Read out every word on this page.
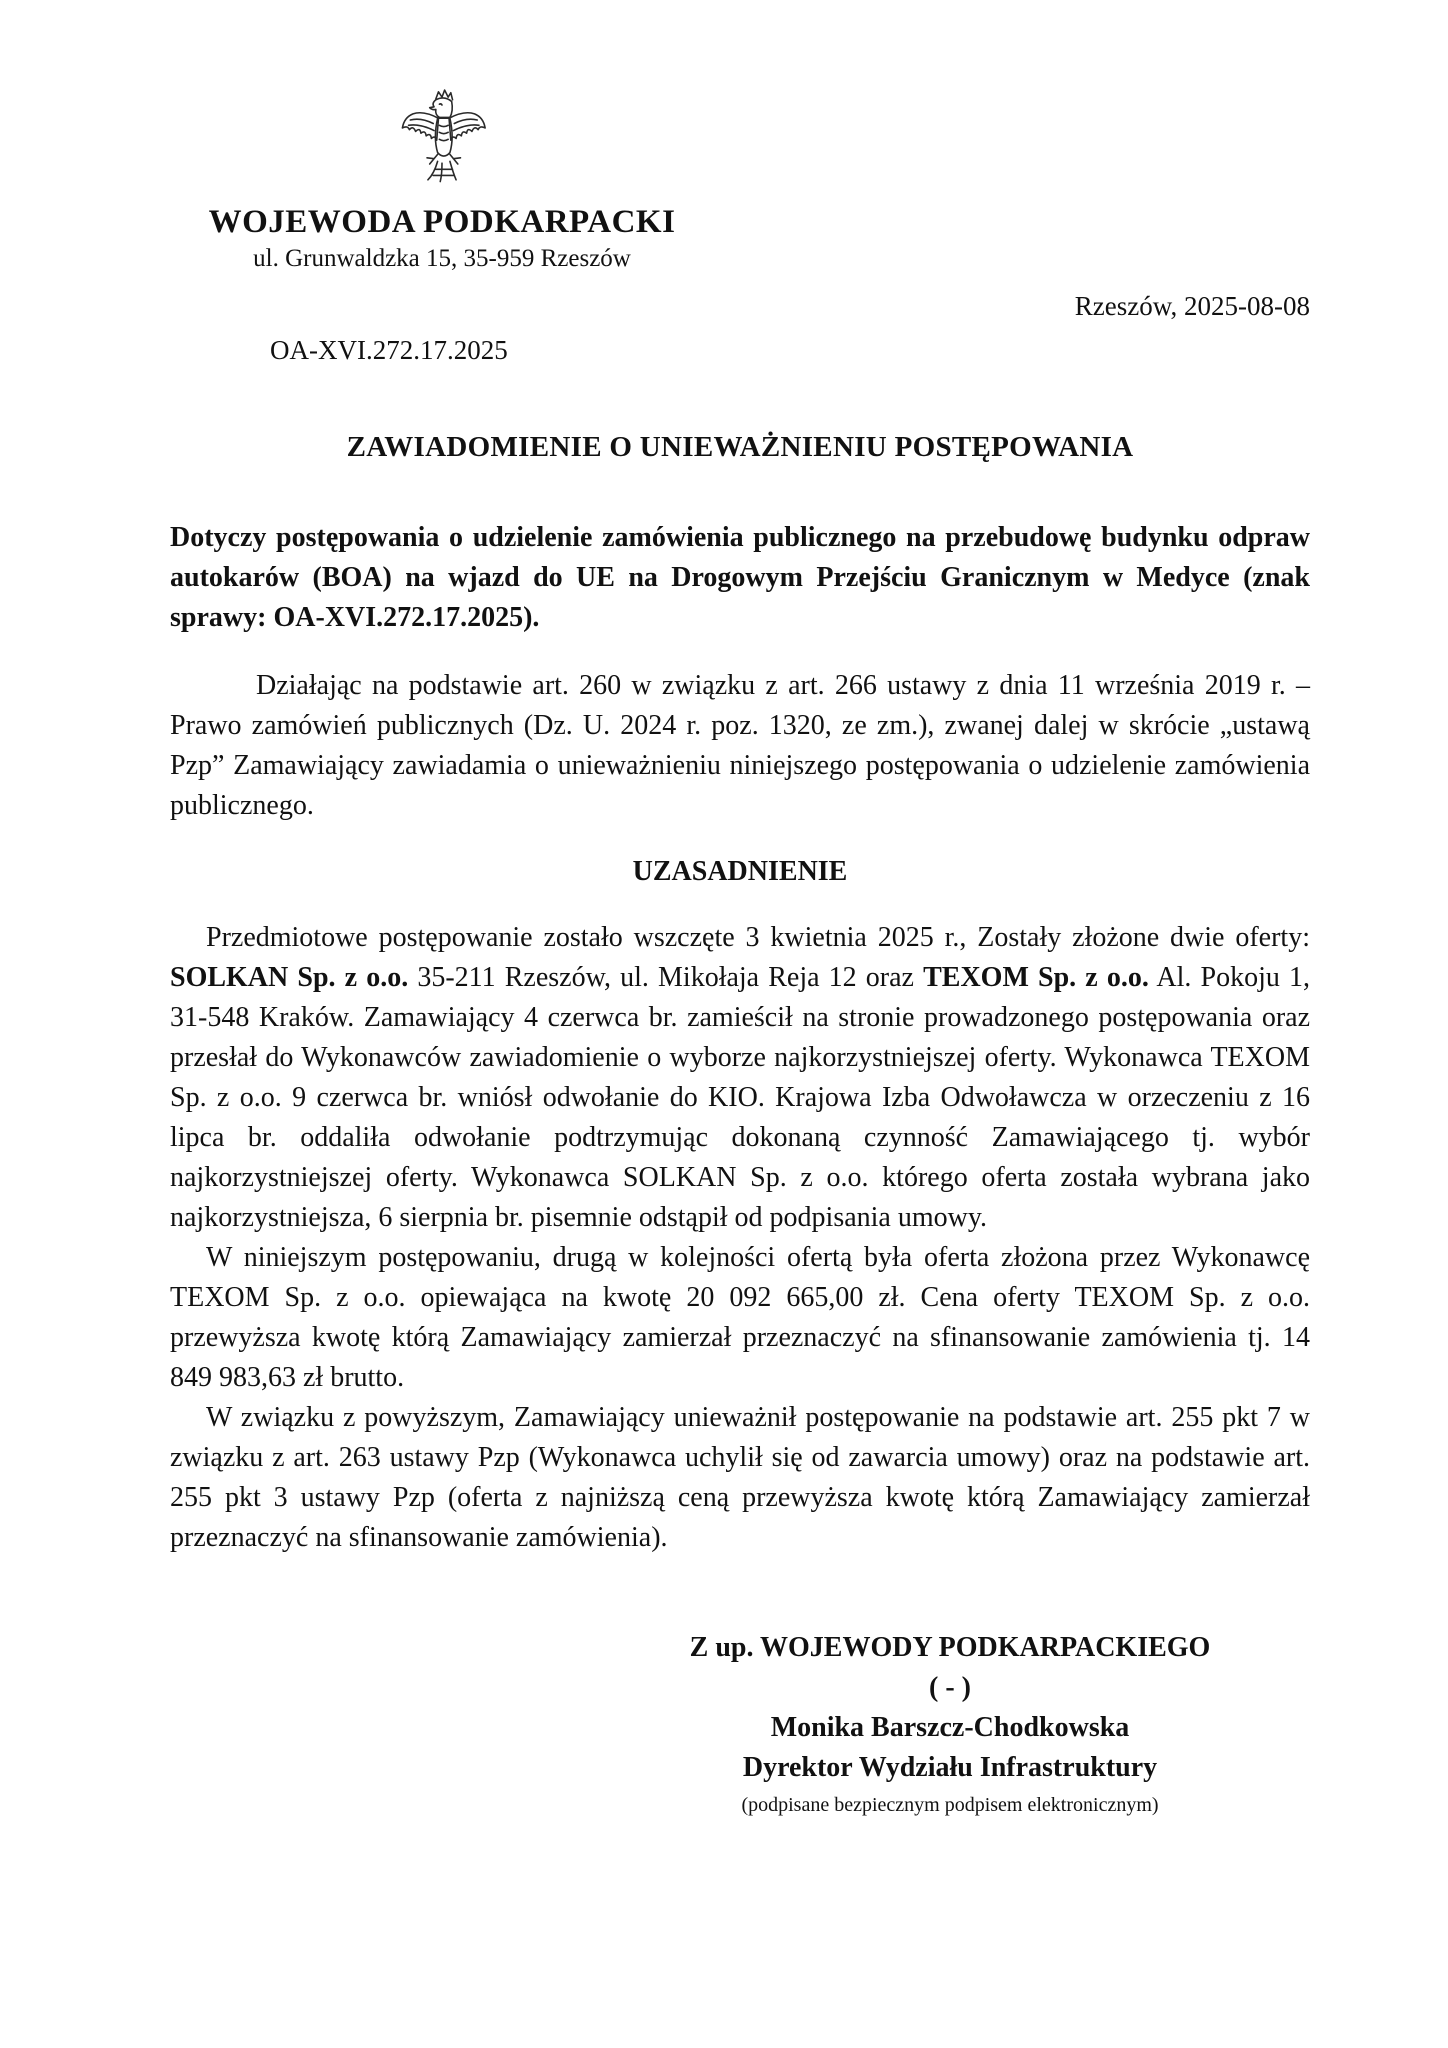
WOJEWODA PODKARPACKI
ul. Grunwaldzka 15, 35-959 Rzeszów
Rzeszów, 2025-08-08
OA-XVI.272.17.2025
ZAWIADOMIENIE O UNIEWAŻNIENIU POSTĘPOWANIA

Dotyczy postępowania o udzielenie zamówienia publicznego na przebudowę budynku odpraw autokarów (BOA) na wjazd do UE na Drogowym Przejściu Granicznym w Medyce (znak sprawy: OA-XVI.272.17.2025).

Działając na podstawie art. 260 w związku z art. 266 ustawy z dnia 11 września 2019 r. – Prawo zamówień publicznych (Dz. U. 2024 r. poz. 1320, ze zm.), zwanej dalej w skrócie „ustawą Pzp” Zamawiający zawiadamia o unieważnieniu niniejszego postępowania o udzielenie zamówienia publicznego.

UZASADNIENIE

Przedmiotowe postępowanie zostało wszczęte 3 kwietnia 2025 r., Zostały złożone dwie oferty: SOLKAN Sp. z o.o. 35-211 Rzeszów, ul. Mikołaja Reja 12 oraz TEXOM Sp. z o.o. Al. Pokoju 1, 31-548 Kraków. Zamawiający 4 czerwca br. zamieścił na stronie prowadzonego postępowania oraz przesłał do Wykonawców zawiadomienie o wyborze najkorzystniejszej oferty. Wykonawca TEXOM Sp. z o.o. 9 czerwca br. wniósł odwołanie do KIO. Krajowa Izba Odwoławcza w orzeczeniu z 16 lipca br. oddaliła odwołanie podtrzymując dokonaną czynność Zamawiającego tj. wybór najkorzystniejszej oferty. Wykonawca SOLKAN Sp. z o.o. którego oferta została wybrana jako najkorzystniejsza, 6 sierpnia br. pisemnie odstąpił od podpisania umowy.

W niniejszym postępowaniu, drugą w kolejności ofertą była oferta złożona przez Wykonawcę TEXOM Sp. z o.o. opiewająca na kwotę 20 092 665,00 zł. Cena oferty TEXOM Sp. z o.o. przewyższa kwotę którą Zamawiający zamierzał przeznaczyć na sfinansowanie zamówienia tj. 14 849 983,63 zł brutto.

W związku z powyższym, Zamawiający unieważnił postępowanie na podstawie art. 255 pkt 7 w związku z art. 263 ustawy Pzp (Wykonawca uchylił się od zawarcia umowy) oraz na podstawie art. 255 pkt 3 ustawy Pzp (oferta z najniższą ceną przewyższa kwotę którą Zamawiający zamierzał przeznaczyć na sfinansowanie zamówienia).

Z up. WOJEWODY PODKARPACKIEGO
( - )
Monika Barszcz-Chodkowska
Dyrektor Wydziału Infrastruktury
(podpisane bezpiecznym podpisem elektronicznym)
